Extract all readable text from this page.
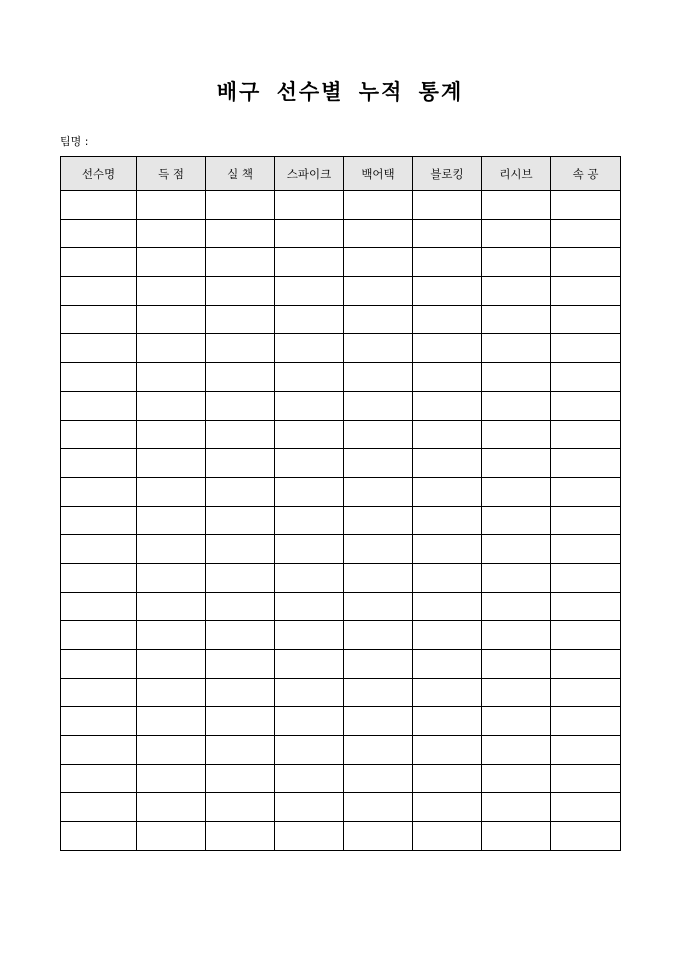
배구 선수별 누적 통계
팀명 :
선수명	득 점	실 책	스파이크	백어택	블로킹	리시브	속 공
